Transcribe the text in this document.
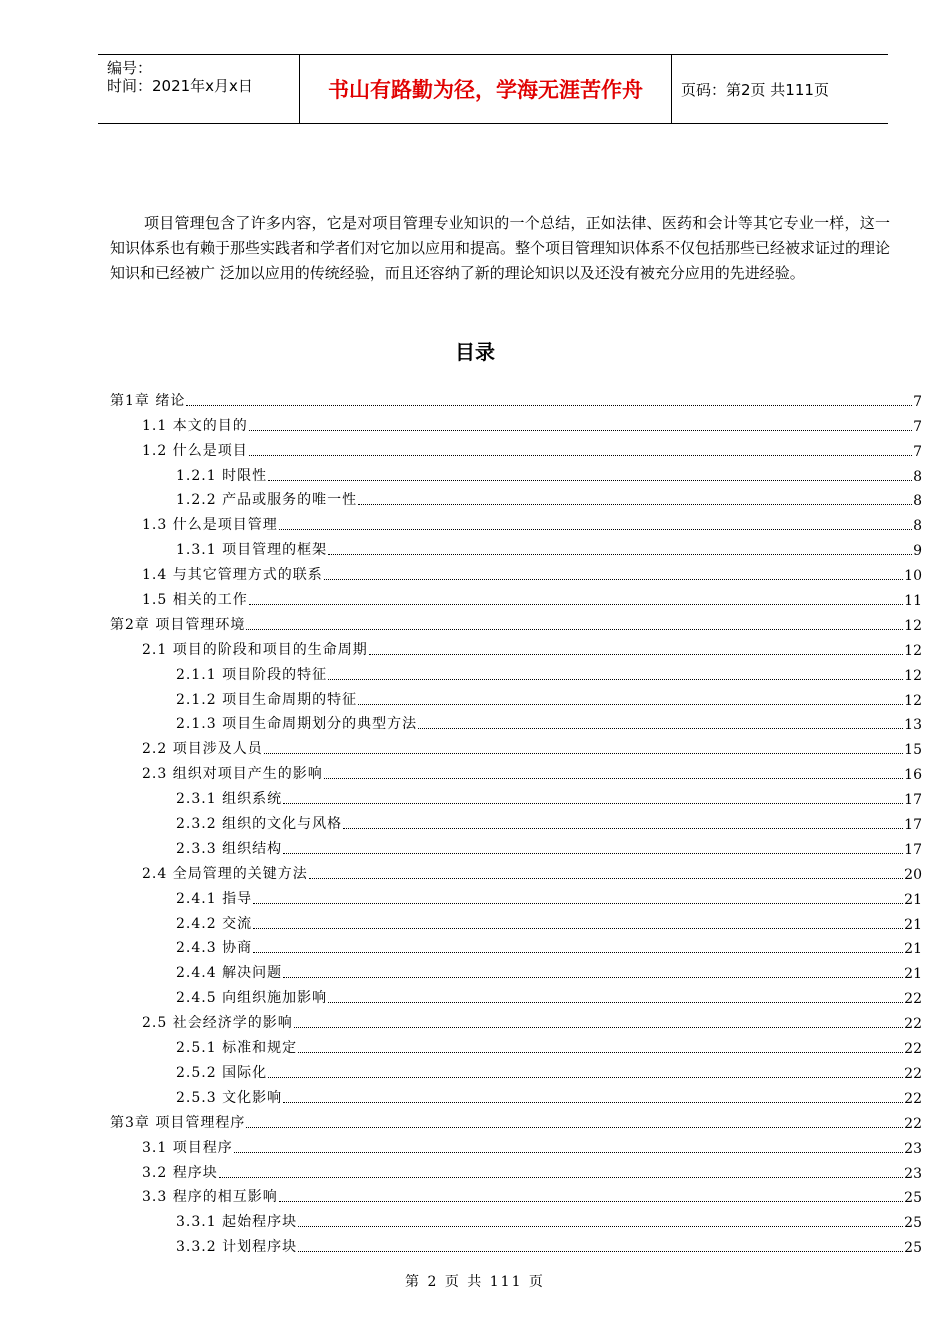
编号：
时间：2021年x月x日	书山有路勤为径，学海无涯苦作舟	页码：第2页 共111页

项目管理包含了许多内容，它是对项目管理专业知识的一个总结，正如法律、医药和会计等其它专业一样，这一知识体系也有赖于那些实践者和学者们对它加以应用和提高。整个项目管理知识体系不仅包括那些已经被求证过的理论知识和已经被广 泛加以应用的传统经验，而且还容纳了新的理论知识以及还没有被充分应用的先进经验。

目录
第1章 绪论	7
1.1 本文的目的	7
1.2 什么是项目	7
1.2.1 时限性	8
1.2.2 产品或服务的唯一性	8
1.3 什么是项目管理	8
1.3.1 项目管理的框架	9
1.4 与其它管理方式的联系	10
1.5 相关的工作	11
第2章 项目管理环境	12
2.1 项目的阶段和项目的生命周期	12
2.1.1 项目阶段的特征	12
2.1.2 项目生命周期的特征	12
2.1.3 项目生命周期划分的典型方法	13
2.2 项目涉及人员	15
2.3 组织对项目产生的影响	16
2.3.1 组织系统	17
2.3.2 组织的文化与风格	17
2.3.3 组织结构	17
2.4 全局管理的关键方法	20
2.4.1 指导	21
2.4.2 交流	21
2.4.3 协商	21
2.4.4 解决问题	21
2.4.5 向组织施加影响	22
2.5 社会经济学的影响	22
2.5.1 标准和规定	22
2.5.2 国际化	22
2.5.3 文化影响	22
第3章 项目管理程序	22
3.1 项目程序	23
3.2 程序块	23
3.3 程序的相互影响	25
3.3.1 起始程序块	25
3.3.2 计划程序块	25
第 2 页 共 111 页
